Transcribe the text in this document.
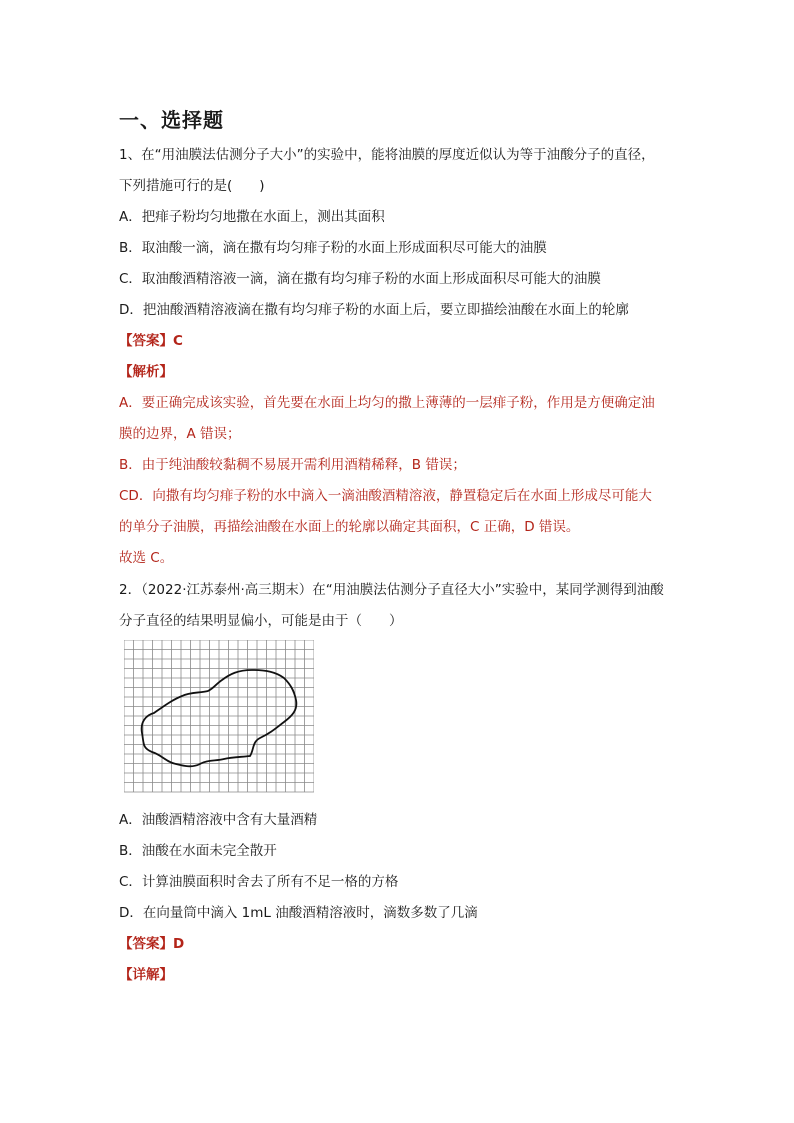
一、选择题
1、在“用油膜法估测分子大小”的实验中，能将油膜的厚度近似认为等于油酸分子的直径，
下列措施可行的是(　　)
A．把痱子粉均匀地撒在水面上，测出其面积
B．取油酸一滴，滴在撒有均匀痱子粉的水面上形成面积尽可能大的油膜
C．取油酸酒精溶液一滴，滴在撒有均匀痱子粉的水面上形成面积尽可能大的油膜
D．把油酸酒精溶液滴在撒有均匀痱子粉的水面上后，要立即描绘油酸在水面上的轮廓
【答案】C
【解析】
A．要正确完成该实验，首先要在水面上均匀的撒上薄薄的一层痱子粉，作用是方便确定油
膜的边界，A 错误；
B．由于纯油酸较黏稠不易展开需利用酒精稀释，B 错误；
CD．向撒有均匀痱子粉的水中滴入一滴油酸酒精溶液，静置稳定后在水面上形成尽可能大
的单分子油膜，再描绘油酸在水面上的轮廓以确定其面积，C 正确，D 错误。
故选 C。
2．（2022·江苏泰州·高三期末）在“用油膜法估测分子直径大小”实验中，某同学测得到油酸
分子直径的结果明显偏小，可能是由于（　　）
A．油酸酒精溶液中含有大量酒精
B．油酸在水面未完全散开
C．计算油膜面积时舍去了所有不足一格的方格
D．在向量筒中滴入 1mL 油酸酒精溶液时，滴数多数了几滴
【答案】D
【详解】
